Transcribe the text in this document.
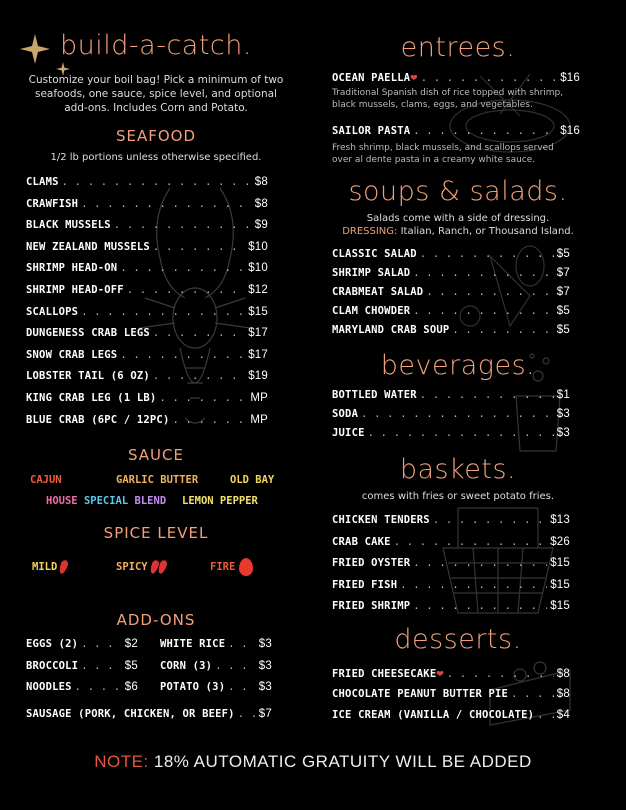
build-a-catch.
Customize your boil bag! Pick a minimum of two
seafoods, one sauce, spice level, and optional
add-ons. Includes Corn and Potato.
SEAFOOD
1/2 lb portions unless otherwise specified.
CLAMS . . .	$8
CRAWFISH . . .	$8
BLACK MUSSELS . . .	$9
NEW ZEALAND MUSSELS . . .	$10
SHRIMP HEAD-ON . . .	$10
SHRIMP HEAD-OFF . . .	$12
SCALLOPS . . .	$15
DUNGENESS CRAB LEGS . . .	$17
SNOW CRAB LEGS . . .	$17
LOBSTER TAIL (6 OZ) . . .	$19
KING CRAB LEG (1 LB) . . .	MP
BLUE CRAB (6PC / 12PC) . . .	MP
SAUCE
CAJUN	GARLIC BUTTER	OLD BAY
HOUSE SPECIAL BLEND LEMON PEPPER
SPICE LEVEL
MILD	SPICY	FIRE
ADD-ONS
EGGS (2) . . .	$2
BROCCOLI . . .	$5
NOODLES . . .	$6
WHITE RICE . . .	$3
CORN (3) . . .	$3
POTATO (3) . . .	$3
SAUSAGE (PORK, CHICKEN, OR BEEF) . . . $7
entrees.
OCEAN PAELLA ❤ . . .	$16
Traditional Spanish dish of rice topped with shrimp,
black mussels, clams, eggs, and vegetables.
SAILOR PASTA . . .	$16
Fresh shrimp, black mussels, and scallops served
over al dente pasta in a creamy white sauce.
soups & salads.
Salads come with a side of dressing.
DRESSING: Italian, Ranch, or Thousand Island.
CLASSIC SALAD . . .	$5
SHRIMP SALAD . . .	$7
CRABMEAT SALAD . . .	$7
CLAM CHOWDER . . .	$5
MARYLAND CRAB SOUP . . .	$5
beverages.
BOTTLED WATER . . .	$1
SODA . . .	$3
JUICE . . .	$3
baskets.
comes with fries or sweet potato fries.
CHICKEN TENDERS . . .	$13
CRAB CAKE . . .	$26
FRIED OYSTER . . .	$15
FRIED FISH . . .	$15
FRIED SHRIMP . . .	$15
desserts.
FRIED CHEESECAKE ❤ . . .	$8
CHOCOLATE PEANUT BUTTER PIE . . .	$8
ICE CREAM (VANILLA / CHOCOLATE) . . . $4
NOTE: 18% AUTOMATIC GRATUITY WILL BE ADDED
